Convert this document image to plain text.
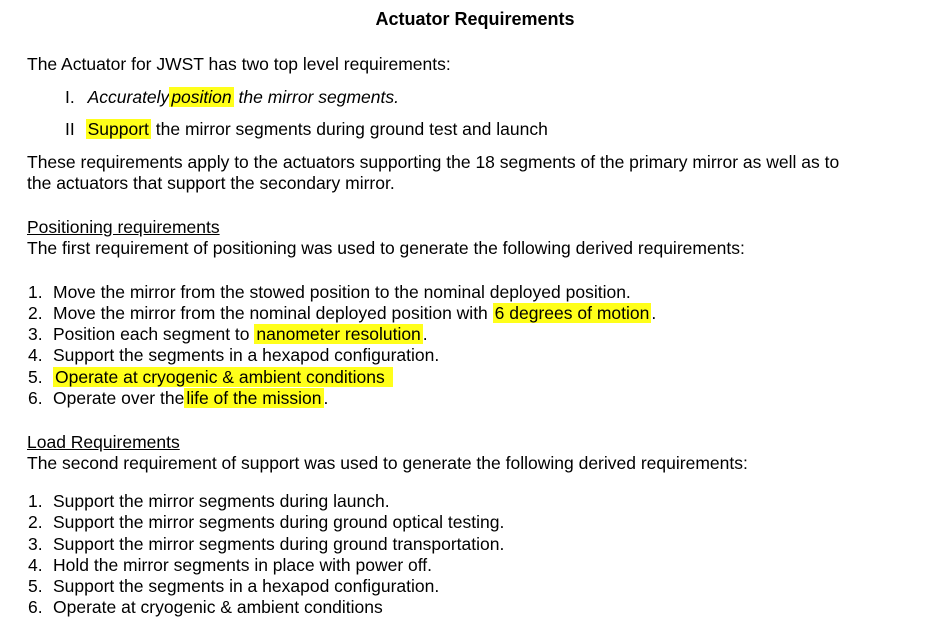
Actuator Requirements
The Actuator for JWST has two top level requirements:
I. Accurately position the mirror segments.
II Support the mirror segments during ground test and launch
These requirements apply to the actuators supporting the 18 segments of the primary mirror as well as to
the actuators that support the secondary mirror.
Positioning requirements
The first requirement of positioning was used to generate the following derived requirements:
1. Move the mirror from the stowed position to the nominal deployed position.
2. Move the mirror from the nominal deployed position with 6 degrees of motion .
3. Position each segment to nanometer resolution .
4. Support the segments in a hexapod configuration.
5. Operate at cryogenic & ambient conditions
6. Operate over the life of the mission .
Load Requirements
The second requirement of support was used to generate the following derived requirements:
1. Support the mirror segments during launch.
2. Support the mirror segments during ground optical testing.
3. Support the mirror segments during ground transportation.
4. Hold the mirror segments in place with power off.
5. Support the segments in a hexapod configuration.
6. Operate at cryogenic & ambient conditions
